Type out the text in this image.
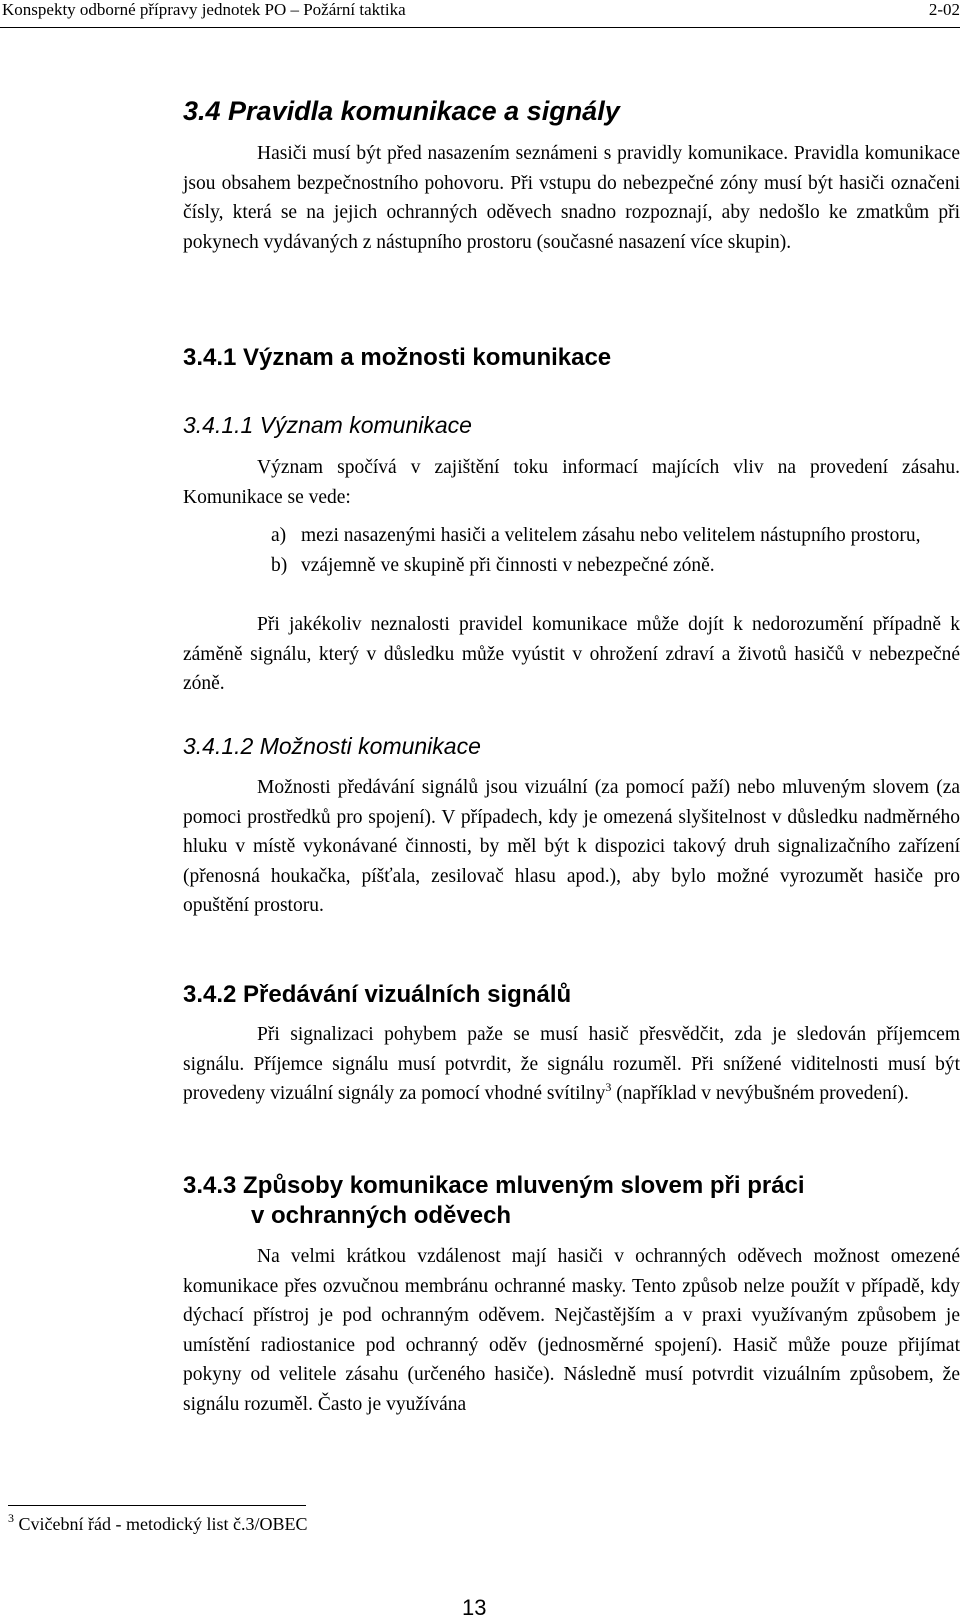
Konspekty odborné přípravy jednotek PO – Požární taktika	2-02
3.4 Pravidla komunikace a signály
Hasiči musí být před nasazením seznámeni s pravidly komunikace. Pravidla komunikace jsou obsahem bezpečnostního pohovoru. Při vstupu do nebezpečné zóny musí být hasiči označeni čísly, která se na jejich ochranných oděvech snadno rozpoznají, aby nedošlo ke zmatkům při pokynech vydávaných z nástupního prostoru (současné nasazení více skupin).
3.4.1 Význam a možnosti komunikace
3.4.1.1 Význam komunikace
Význam spočívá v zajištění toku informací majících vliv na provedení zásahu. Komunikace se vede:
a) mezi nasazenými hasiči a velitelem zásahu nebo velitelem nástupního prostoru,
b) vzájemně ve skupině při činnosti v nebezpečné zóně.
Při jakékoliv neznalosti pravidel komunikace může dojít k nedorozumění případně k záměně signálu, který v důsledku může vyústit v ohrožení zdraví a životů hasičů v nebezpečné zóně.
3.4.1.2 Možnosti komunikace
Možnosti předávání signálů jsou vizuální (za pomocí paží) nebo mluveným slovem (za pomoci prostředků pro spojení). V případech, kdy je omezená slyšitelnost v důsledku nadměrného hluku v místě vykonávané činnosti, by měl být k dispozici takový druh signalizačního zařízení (přenosná houkačka, píšťala, zesilovač hlasu apod.), aby bylo možné vyrozumět hasiče pro opuštění prostoru.
3.4.2 Předávání vizuálních signálů
Při signalizaci pohybem paže se musí hasič přesvědčit, zda je sledován příjemcem signálu. Příjemce signálu musí potvrdit, že signálu rozuměl. Při snížené viditelnosti musí být provedeny vizuální signály za pomocí vhodné svítilny$^3$ (například v nevýbušném provedení).
3.4.3 Způsoby komunikace mluveným slovem při práci
v ochranných oděvech
Na velmi krátkou vzdálenost mají hasiči v ochranných oděvech možnost omezené komunikace přes ozvučnou membránu ochranné masky. Tento způsob nelze použít v případě, kdy dýchací přístroj je pod ochranným oděvem. Nejčastějším a v praxi využívaným způsobem je umístění radiostanice pod ochranný oděv (jednosměrné spojení). Hasič může pouze přijímat pokyny od velitele zásahu (určeného hasiče). Následně musí potvrdit vizuálním způsobem, že signálu rozuměl. Často je využívána
$^3$ Cvičební řád - metodický list č.3/OBEC
13
